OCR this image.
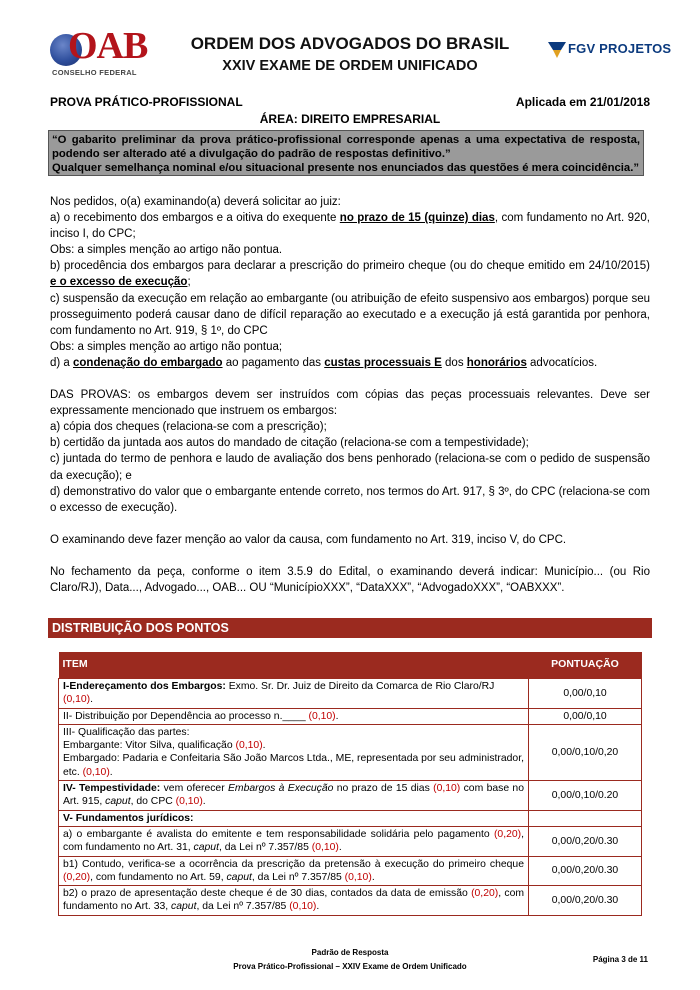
OAB
CONSELHO FEDERAL
ORDEM DOS ADVOGADOS DO BRASIL
XXIV EXAME DE ORDEM UNIFICADO
FGV PROJETOS
PROVA PRÁTICO-PROFISSIONAL	Aplicada em 21/01/2018
ÁREA: DIREITO EMPRESARIAL

“O gabarito preliminar da prova prático-profissional corresponde apenas a uma expectativa de resposta, podendo ser alterado até a divulgação do padrão de respostas definitivo.”

Qualquer semelhança nominal e/ou situacional presente nos enunciados das questões é mera coincidência.”

Nos pedidos, o(a) examinando(a) deverá solicitar ao juiz:

a) o recebimento dos embargos e a oitiva do exequente no prazo de 15 (quinze) dias, com fundamento no Art. 920, inciso I, do CPC;

Obs: a simples menção ao artigo não pontua.

b) procedência dos embargos para declarar a prescrição do primeiro cheque (ou do cheque emitido em 24/10/2015) e o excesso de execução;

c) suspensão da execução em relação ao embargante (ou atribuição de efeito suspensivo aos embargos) porque seu prosseguimento poderá causar dano de difícil reparação ao executado e a execução já está garantida por penhora, com fundamento no Art. 919, § 1º, do CPC

Obs: a simples menção ao artigo não pontua;

d) a condenação do embargado ao pagamento das custas processuais E dos honorários advocatícios.

DAS PROVAS: os embargos devem ser instruídos com cópias das peças processuais relevantes. Deve ser expressamente mencionado que instruem os embargos:

a) cópia dos cheques (relaciona-se com a prescrição);

b) certidão da juntada aos autos do mandado de citação (relaciona-se com a tempestividade);

c) juntada do termo de penhora e laudo de avaliação dos bens penhorado (relaciona-se com o pedido de suspensão da execução); e

d) demonstrativo do valor que o embargante entende correto, nos termos do Art. 917, § 3º, do CPC (relaciona-se com o excesso de execução).

O examinando deve fazer menção ao valor da causa, com fundamento no Art. 319, inciso V, do CPC.

No fechamento da peça, conforme o item 3.5.9 do Edital, o examinando deverá indicar: Município... (ou Rio Claro/RJ), Data..., Advogado..., OAB... OU “MunicípioXXX”, “DataXXX”, “AdvogadoXXX”, “OABXXX”.

DISTRIBUIÇÃO DOS PONTOS
ITEM	PONTUAÇÃO
I-Endereçamento dos Embargos: Exmo. Sr. Dr. Juiz de Direito da Comarca de Rio Claro/RJ (0,10).	0,00/0,10
II- Distribuição por Dependência ao processo n.____ (0,10).	0,00/0,10

III- Qualificação das partes:
Embargante: Vitor Silva, qualificação (0,10).
Embargado: Padaria e Confeitaria São João Marcos Ltda., ME, representada por seu administrador, etc. (0,10).	0,00/0,10/0,20
IV- Tempestividade: vem oferecer Embargos à Execução no prazo de 15 dias (0,10) com base no Art. 915, caput, do CPC (0,10).	0,00/0,10/0.20
V- Fundamentos jurídicos:	
a) o embargante é avalista do emitente e tem responsabilidade solidária pelo pagamento (0,20), com fundamento no Art. 31, caput, da Lei nº 7.357/85 (0,10).	0,00/0,20/0.30
b1) Contudo, verifica-se a ocorrência da prescrição da pretensão à execução do primeiro cheque (0,20), com fundamento no Art. 59, caput, da Lei nº 7.357/85 (0,10).	0,00/0,20/0.30
b2) o prazo de apresentação deste cheque é de 30 dias, contados da data de emissão (0,20), com fundamento no Art. 33, caput, da Lei nº 7.357/85 (0,10).	0,00/0,20/0.30
Padrão de Resposta
Prova Prático-Profissional – XXIV Exame de Ordem Unificado
Página 3 de 11
